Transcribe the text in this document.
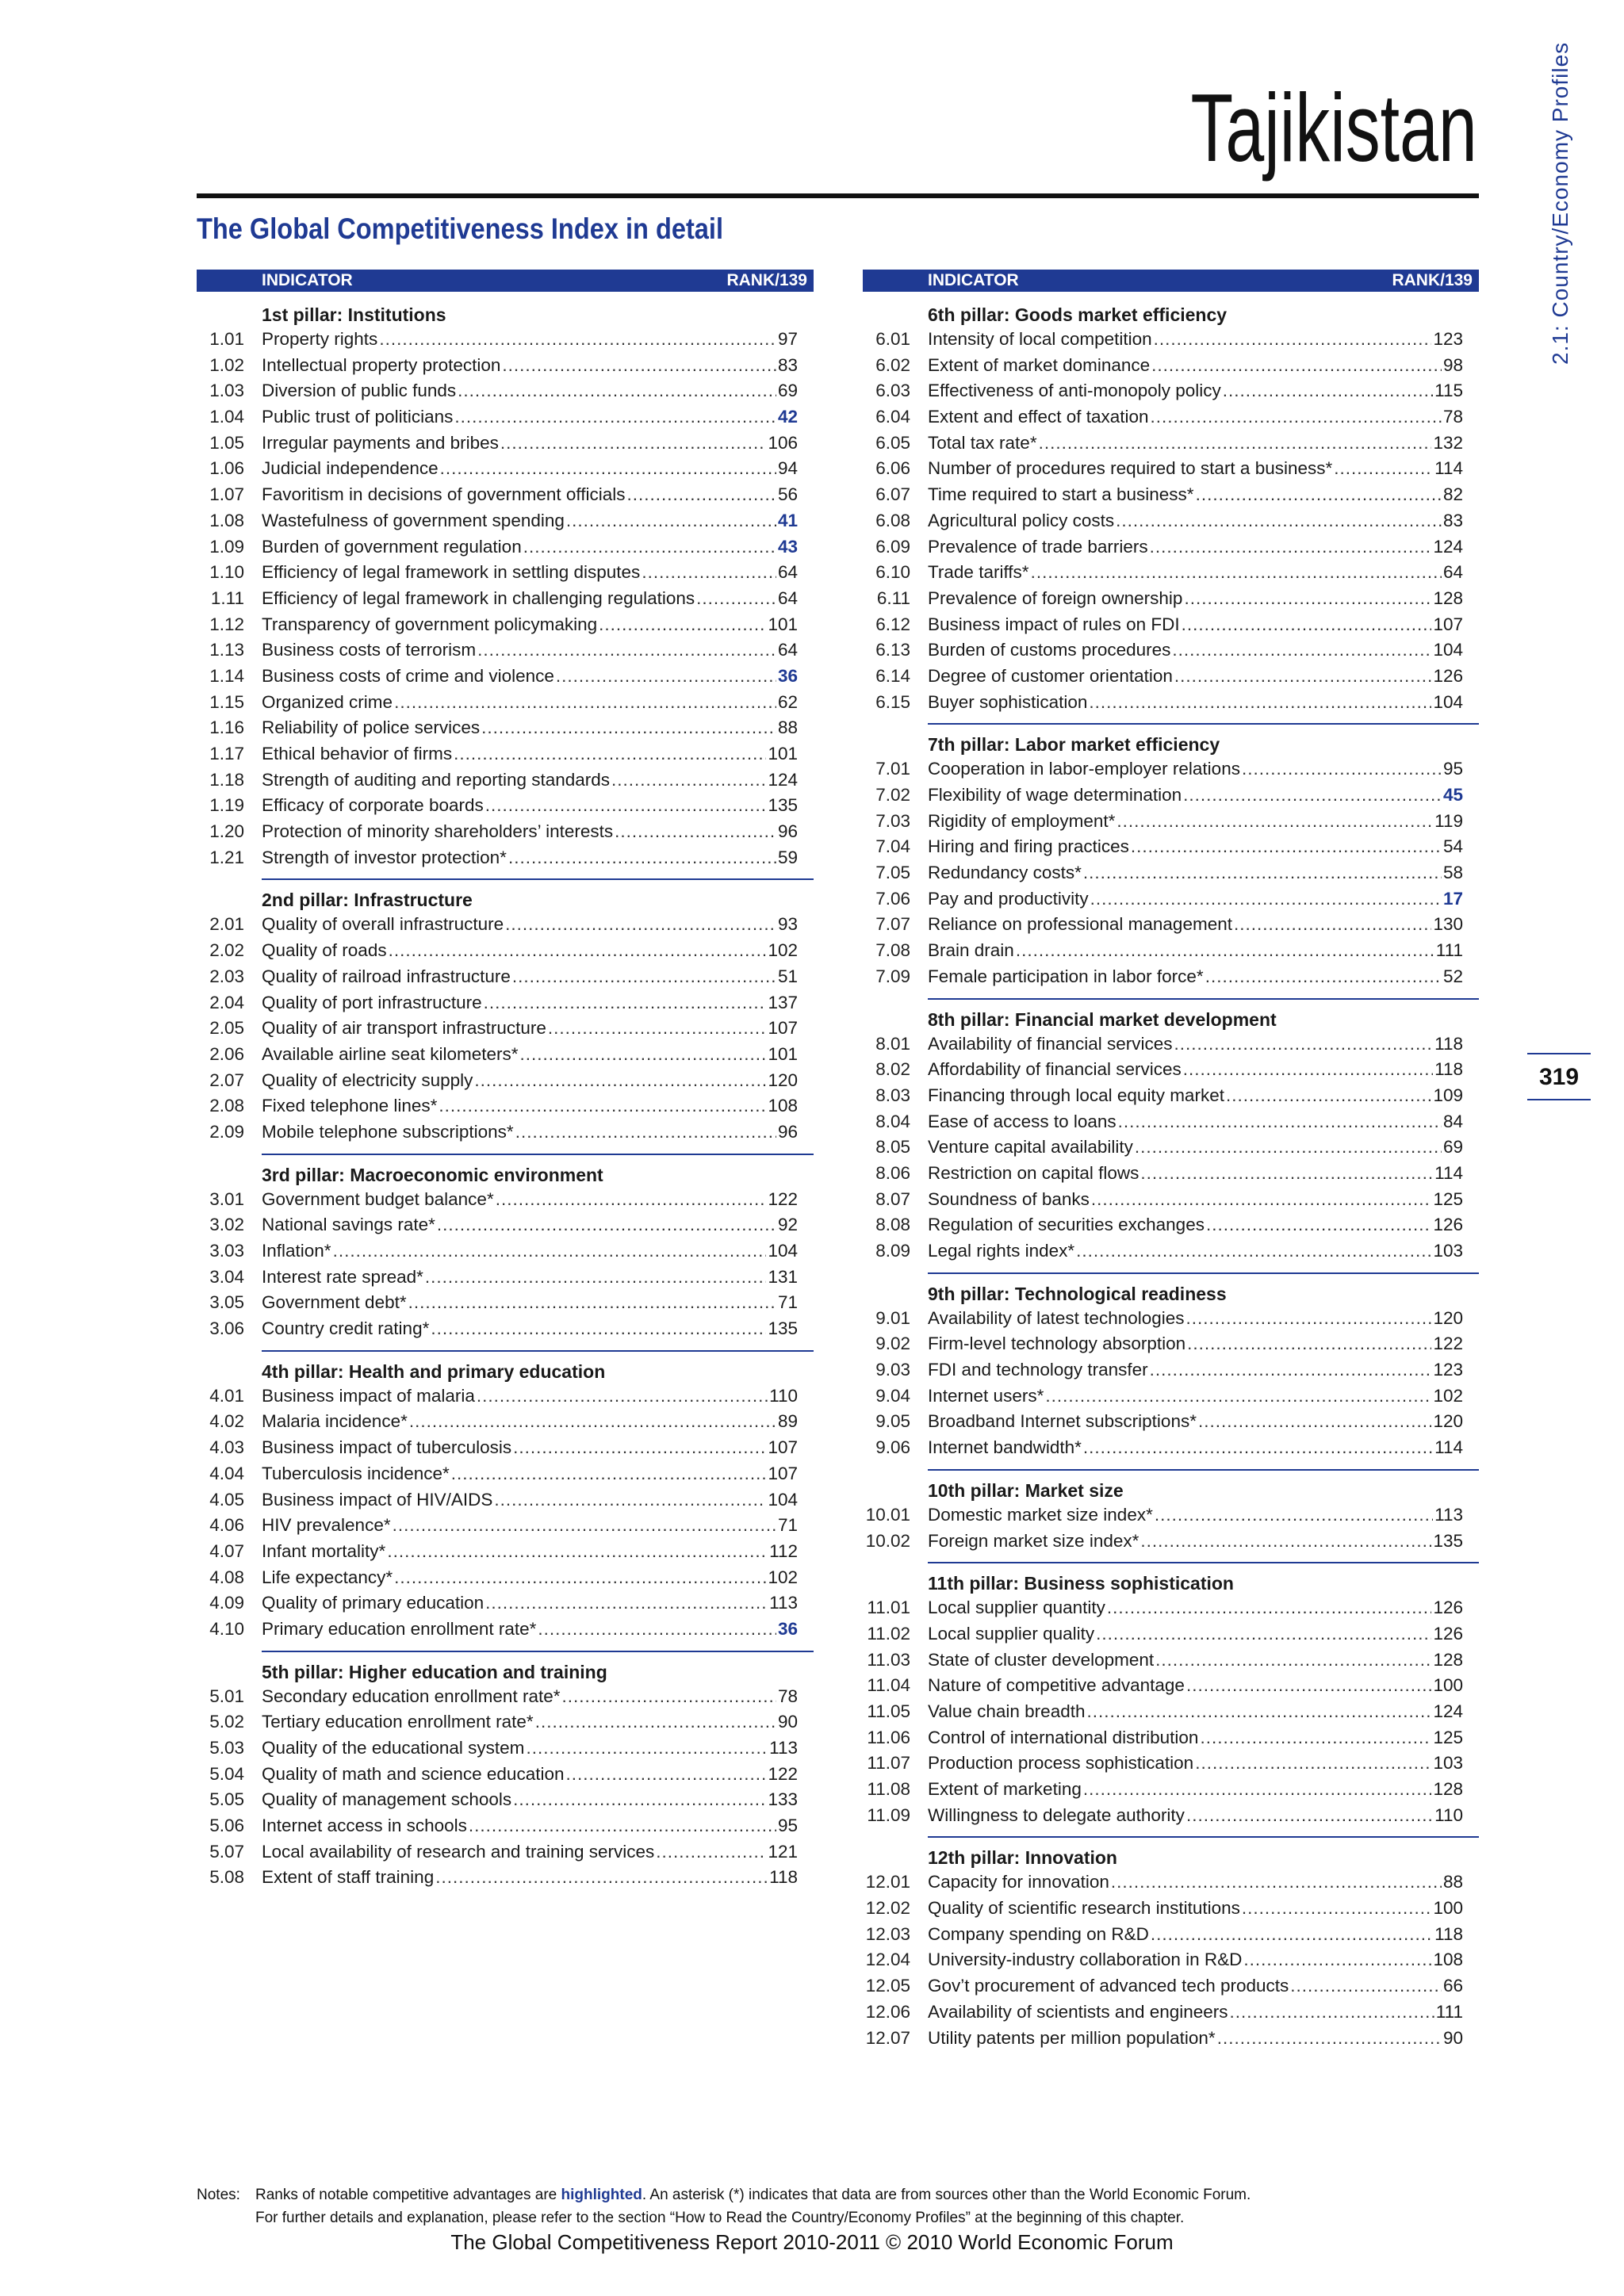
Tajikistan	2.1: Country/Economy Profiles
319
The Global Competitiveness Index in detail
INDICATOR	RANK/139
1st pillar: Institutions
1.01 Property rights .....	97
1.02 Intellectual property protection .....	83
1.03 Diversion of public funds .....	69
1.04 Public trust of politicians .....	42
1.05 Irregular payments and bribes .....	106
1.06 Judicial independence .....	94
1.07 Favoritism in decisions of government officials .....	56
1.08 Wastefulness of government spending .....	41
1.09 Burden of government regulation .....	43
1.10 Efficiency of legal framework in settling disputes .....	64
1.11 Efficiency of legal framework in challenging regulations .....	64
1.12 Transparency of government policymaking .....	101
1.13 Business costs of terrorism .....	64
1.14 Business costs of crime and violence .....	36
1.15 Organized crime .....	62
1.16 Reliability of police services .....	88
1.17 Ethical behavior of firms .....	101
1.18 Strength of auditing and reporting standards .....	124
1.19 Efficacy of corporate boards .....	135
1.20 Protection of minority shareholders’ interests .....	96
1.21 Strength of investor protection* .....	59
2nd pillar: Infrastructure
2.01 Quality of overall infrastructure .....	93
2.02 Quality of roads .....	102
2.03 Quality of railroad infrastructure .....	51
2.04 Quality of port infrastructure .....	137
2.05 Quality of air transport infrastructure .....	107
2.06 Available airline seat kilometers* .....	101
2.07 Quality of electricity supply .....	120
2.08 Fixed telephone lines* .....	108
2.09 Mobile telephone subscriptions* .....	96
3rd pillar: Macroeconomic environment
3.01 Government budget balance* .....	122
3.02 National savings rate* .....	92
3.03 Inflation* .....	104
3.04 Interest rate spread* .....	131
3.05 Government debt* .....	71
3.06 Country credit rating* .....	135
4th pillar: Health and primary education
4.01 Business impact of malaria .....	110
4.02 Malaria incidence* .....	89
4.03 Business impact of tuberculosis .....	107
4.04 Tuberculosis incidence* .....	107
4.05 Business impact of HIV/AIDS .....	104
4.06 HIV prevalence* .....	71
4.07 Infant mortality* .....	112
4.08 Life expectancy* .....	102
4.09 Quality of primary education .....	113
4.10 Primary education enrollment rate* .....	36
5th pillar: Higher education and training
5.01 Secondary education enrollment rate* .....	78
5.02 Tertiary education enrollment rate* .....	90
5.03 Quality of the educational system .....	113
5.04 Quality of math and science education .....	122
5.05 Quality of management schools .....	133
5.06 Internet access in schools .....	95
5.07 Local availability of research and training services .....	121
5.08 Extent of staff training .....	118
INDICATOR	RANK/139
6th pillar: Goods market efficiency
6.01 Intensity of local competition .....	123
6.02 Extent of market dominance .....	98
6.03 Effectiveness of anti-monopoly policy .....	115
6.04 Extent and effect of taxation .....	78
6.05 Total tax rate* .....	132
6.06 Number of procedures required to start a business* .....	114
6.07 Time required to start a business* .....	82
6.08 Agricultural policy costs .....	83
6.09 Prevalence of trade barriers .....	124
6.10 Trade tariffs* .....	64
6.11 Prevalence of foreign ownership .....	128
6.12 Business impact of rules on FDI .....	107
6.13 Burden of customs procedures .....	104
6.14 Degree of customer orientation .....	126
6.15 Buyer sophistication .....	104
7th pillar: Labor market efficiency
7.01 Cooperation in labor-employer relations .....	95
7.02 Flexibility of wage determination .....	45
7.03 Rigidity of employment* .....	119
7.04 Hiring and firing practices .....	54
7.05 Redundancy costs* .....	58
7.06 Pay and productivity .....	17
7.07 Reliance on professional management .....	130
7.08 Brain drain .....	111
7.09 Female participation in labor force* .....	52
8th pillar: Financial market development
8.01 Availability of financial services .....	118
8.02 Affordability of financial services .....	118
8.03 Financing through local equity market .....	109
8.04 Ease of access to loans .....	84
8.05 Venture capital availability .....	69
8.06 Restriction on capital flows .....	114
8.07 Soundness of banks .....	125
8.08 Regulation of securities exchanges .....	126
8.09 Legal rights index* .....	103
9th pillar: Technological readiness
9.01 Availability of latest technologies .....	120
9.02 Firm-level technology absorption .....	122
9.03 FDI and technology transfer .....	123
9.04 Internet users* .....	102
9.05 Broadband Internet subscriptions* .....	120
9.06 Internet bandwidth* .....	114
10th pillar: Market size
10.01 Domestic market size index* .....	113
10.02 Foreign market size index* .....	135
11th pillar: Business sophistication
11.01 Local supplier quantity .....	126
11.02 Local supplier quality .....	126
11.03 State of cluster development .....	128
11.04 Nature of competitive advantage .....	100
11.05 Value chain breadth .....	124
11.06 Control of international distribution .....	125
11.07 Production process sophistication .....	103
11.08 Extent of marketing .....	128
11.09 Willingness to delegate authority .....	110
12th pillar: Innovation
12.01 Capacity for innovation .....	88
12.02 Quality of scientific research institutions .....	100
12.03 Company spending on R&D .....	118
12.04 University-industry collaboration in R&D .....	108
12.05 Gov’t procurement of advanced tech products .....	66
12.06 Availability of scientists and engineers .....	111
12.07 Utility patents per million population* .....	90
Notes: Ranks of notable competitive advantages are highlighted. An asterisk (*) indicates that data are from sources other than the World Economic Forum.
For further details and explanation, please refer to the section “How to Read the Country/Economy Profiles” at the beginning of this chapter.
The Global Competitiveness Report 2010-2011 © 2010 World Economic Forum
